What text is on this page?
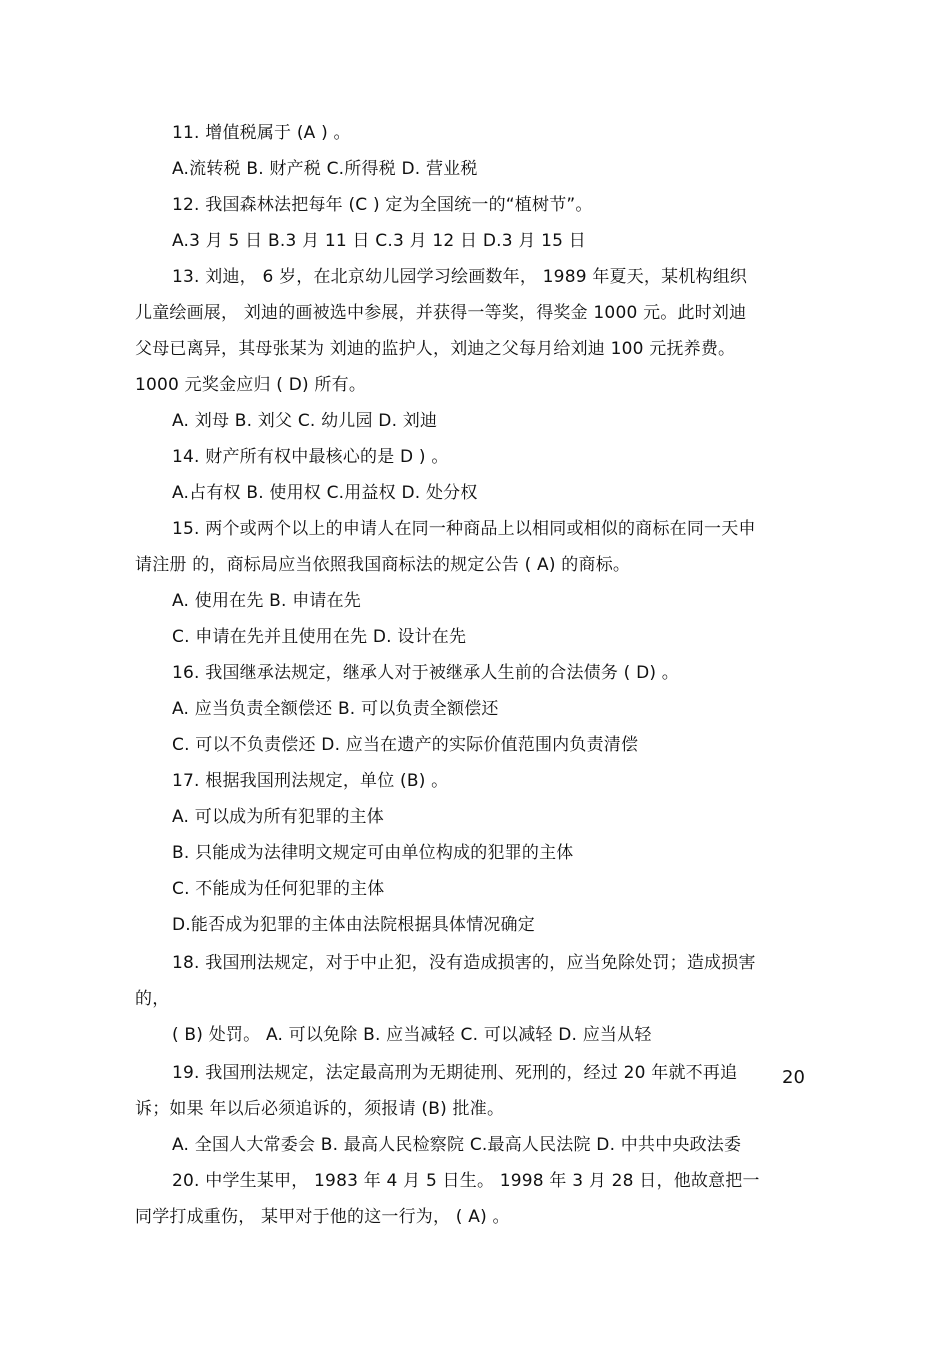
11. 增值税属于 (A ) 。
A.流转税 B. 财产税 C.所得税 D. 营业税
12. 我国森林法把每年 (C ) 定为全国统一的“植树节”。
A.3 月 5 日 B.3 月 11 日 C.3 月 12 日 D.3 月 15 日
13. 刘迪， 6 岁，在北京幼儿园学习绘画数年， 1989 年夏天，某机构组织
儿童绘画展， 刘迪的画被选中参展，并获得一等奖，得奖金 1000 元。此时刘迪
父母已离异，其母张某为 刘迪的监护人，刘迪之父每月给刘迪 100 元抚养费。
1000 元奖金应归 ( D) 所有。
A. 刘母 B. 刘父 C. 幼儿园 D. 刘迪
14. 财产所有权中最核心的是 D ) 。
A.占有权 B. 使用权 C.用益权 D. 处分权
15. 两个或两个以上的申请人在同一种商品上以相同或相似的商标在同一天申
请注册 的，商标局应当依照我国商标法的规定公告 ( A) 的商标。
A. 使用在先 B. 申请在先
C. 申请在先并且使用在先 D. 设计在先
16. 我国继承法规定，继承人对于被继承人生前的合法债务 ( D) 。
A. 应当负责全额偿还 B. 可以负责全额偿还
C. 可以不负责偿还 D. 应当在遗产的实际价值范围内负责清偿
17. 根据我国刑法规定，单位 (B) 。
A. 可以成为所有犯罪的主体
B. 只能成为法律明文规定可由单位构成的犯罪的主体
C. 不能成为任何犯罪的主体
D.能否成为犯罪的主体由法院根据具体情况确定
18. 我国刑法规定，对于中止犯，没有造成损害的，应当免除处罚；造成损害
的，
( B) 处罚。 A. 可以免除 B. 应当减轻 C. 可以减轻 D. 应当从轻
19. 我国刑法规定，法定最高刑为无期徒刑、死刑的，经过 20 年就不再追
诉；如果 年以后必须追诉的，须报请 (B) 批准。
A. 全国人大常委会 B. 最高人民检察院 C.最高人民法院 D. 中共中央政法委
20. 中学生某甲， 1983 年 4 月 5 日生。 1998 年 3 月 28 日，他故意把一
同学打成重伤， 某甲对于他的这一行为， ( A) 。
20
